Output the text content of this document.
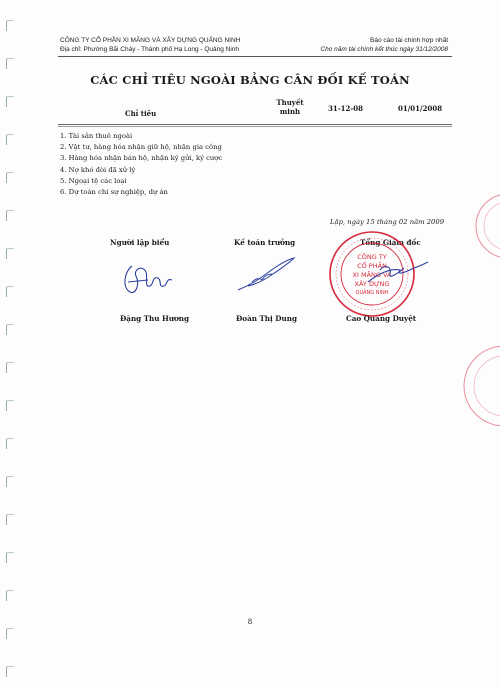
CÔNG TY CỔ PHẦN XI MĂNG VÀ XÂY DỰNG QUẢNG NINH
Địa chỉ: Phường Bãi Cháy - Thành phố Hạ Long - Quảng Ninh
Báo cáo tài chính hợp nhất
Cho năm tài chính kết thúc ngày 31/12/2008
CÁC CHỈ TIÊU NGOÀI BẢNG CÂN ĐỐI KẾ TOÁN
Chỉ tiêu
Thuyết
minh	31-12-08	01/01/2008
1. Tài sản thuê ngoài
2. Vật tư, hàng hóa nhận giữ hộ, nhận gia công
3. Hàng hóa nhận bán hộ, nhận ký gửi, ký cược
4. Nợ khó đòi đã xử lý
5. Ngoại tệ các loại
6. Dự toán chi sự nghiệp, dự án
Lập, ngày 15 tháng 02 năm 2009
Người lập biểu	Kế toán trưởng	Tổng Giám đốc
CÔNG TY
CỔ PHẦN
XI MĂNG VÀ
XÂY DỰNG
QUẢNG NINH
Đặng Thu Hương	Đoàn Thị Dung	Cao Quang Duyệt
8
